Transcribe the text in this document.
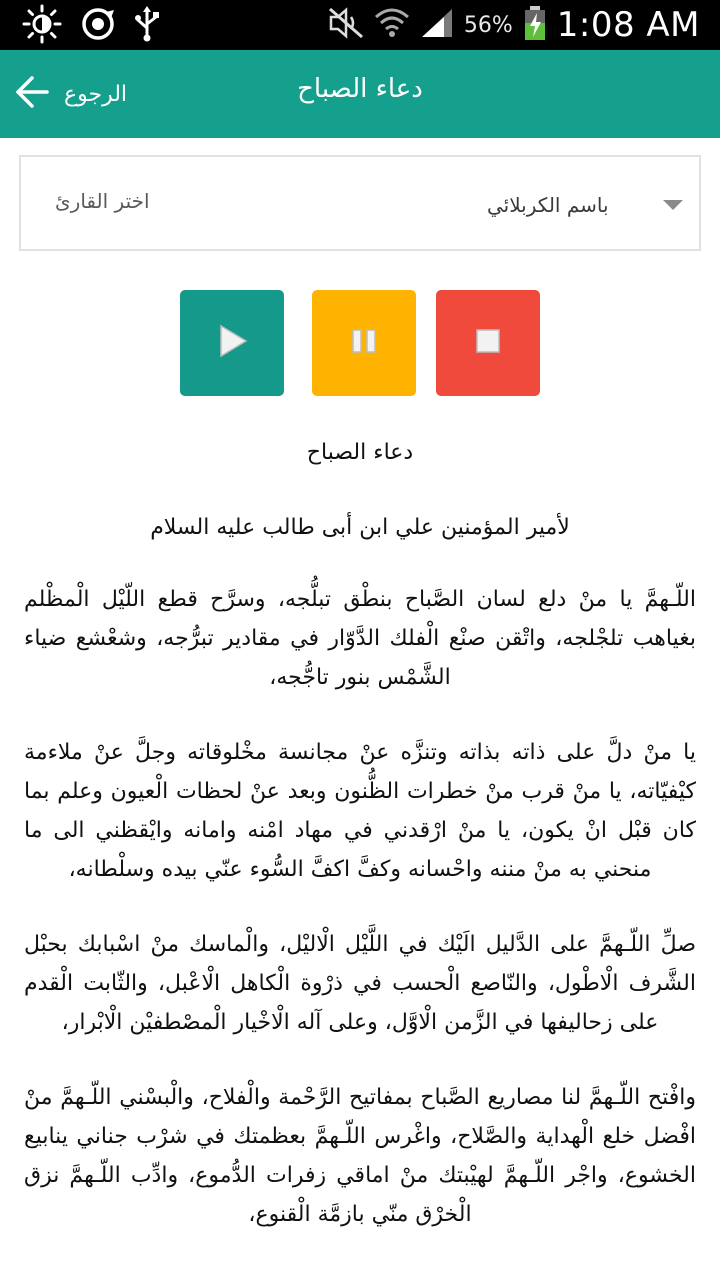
56% 1:08 AM
الرجوع	دعاء الصباح
اختر القارئ	باسم الكربلائي
دعاء الصباح
لأمير المؤمنين علي ابن أبى طالب عليه السلام

اللّـهمَّ يا منْ دلع لسان الصَّباح بنطْق تبلُّجه، وسرَّح قطع اللّيْل الْمظْلم بغياهب تلجْلجه، واتْقن صنْع الْفلك الدَّوّار في مقادير تبرُّجه، وشعْشع ضياء الشَّمْس بنور تاجُّجه،

يا منْ دلَّ على ذاته بذاته وتنزَّه عنْ مجانسة مخْلوقاته وجلَّ عنْ ملاءمة كيْفيّاته، يا منْ قرب منْ خطرات الظُّنون وبعد عنْ لحظات الْعيون وعلم بما كان قبْل انْ يكون، يا منْ ارْقدني في مهاد امْنه وامانه وايْقظني الى ما منحني به منْ مننه واحْسانه وكفَّ اكفَّ السُّوء عنّي بيده وسلْطانه،

صلِّ اللّـهمَّ على الدَّليل الَيْك في اللَّيْل الْاليْل، والْماسك منْ اسْبابك بحبْل الشَّرف الْاطْول، والنّاصع الْحسب في ذرْوة الْكاهل الْاعْبل، والثّابت الْقدم على زحاليفها في الزَّمن الْاوَّل، وعلى آله الْاخْيار الْمصْطفيْن الْابْرار،

وافْتح اللّـهمَّ لنا مصاريع الصَّباح بمفاتيح الرَّحْمة والْفلاح، والْبسْني اللّـهمَّ منْ افْضل خلع الْهداية والصَّلاح، واغْرس اللّـهمَّ بعظمتك في شرْب جناني ينابيع الخشوع، واجْر اللّـهمَّ لهيْبتك منْ اماقي زفرات الدُّموع، وادِّب اللّـهمَّ نزق الْخرْق منّي بازمَّة الْقنوع،
